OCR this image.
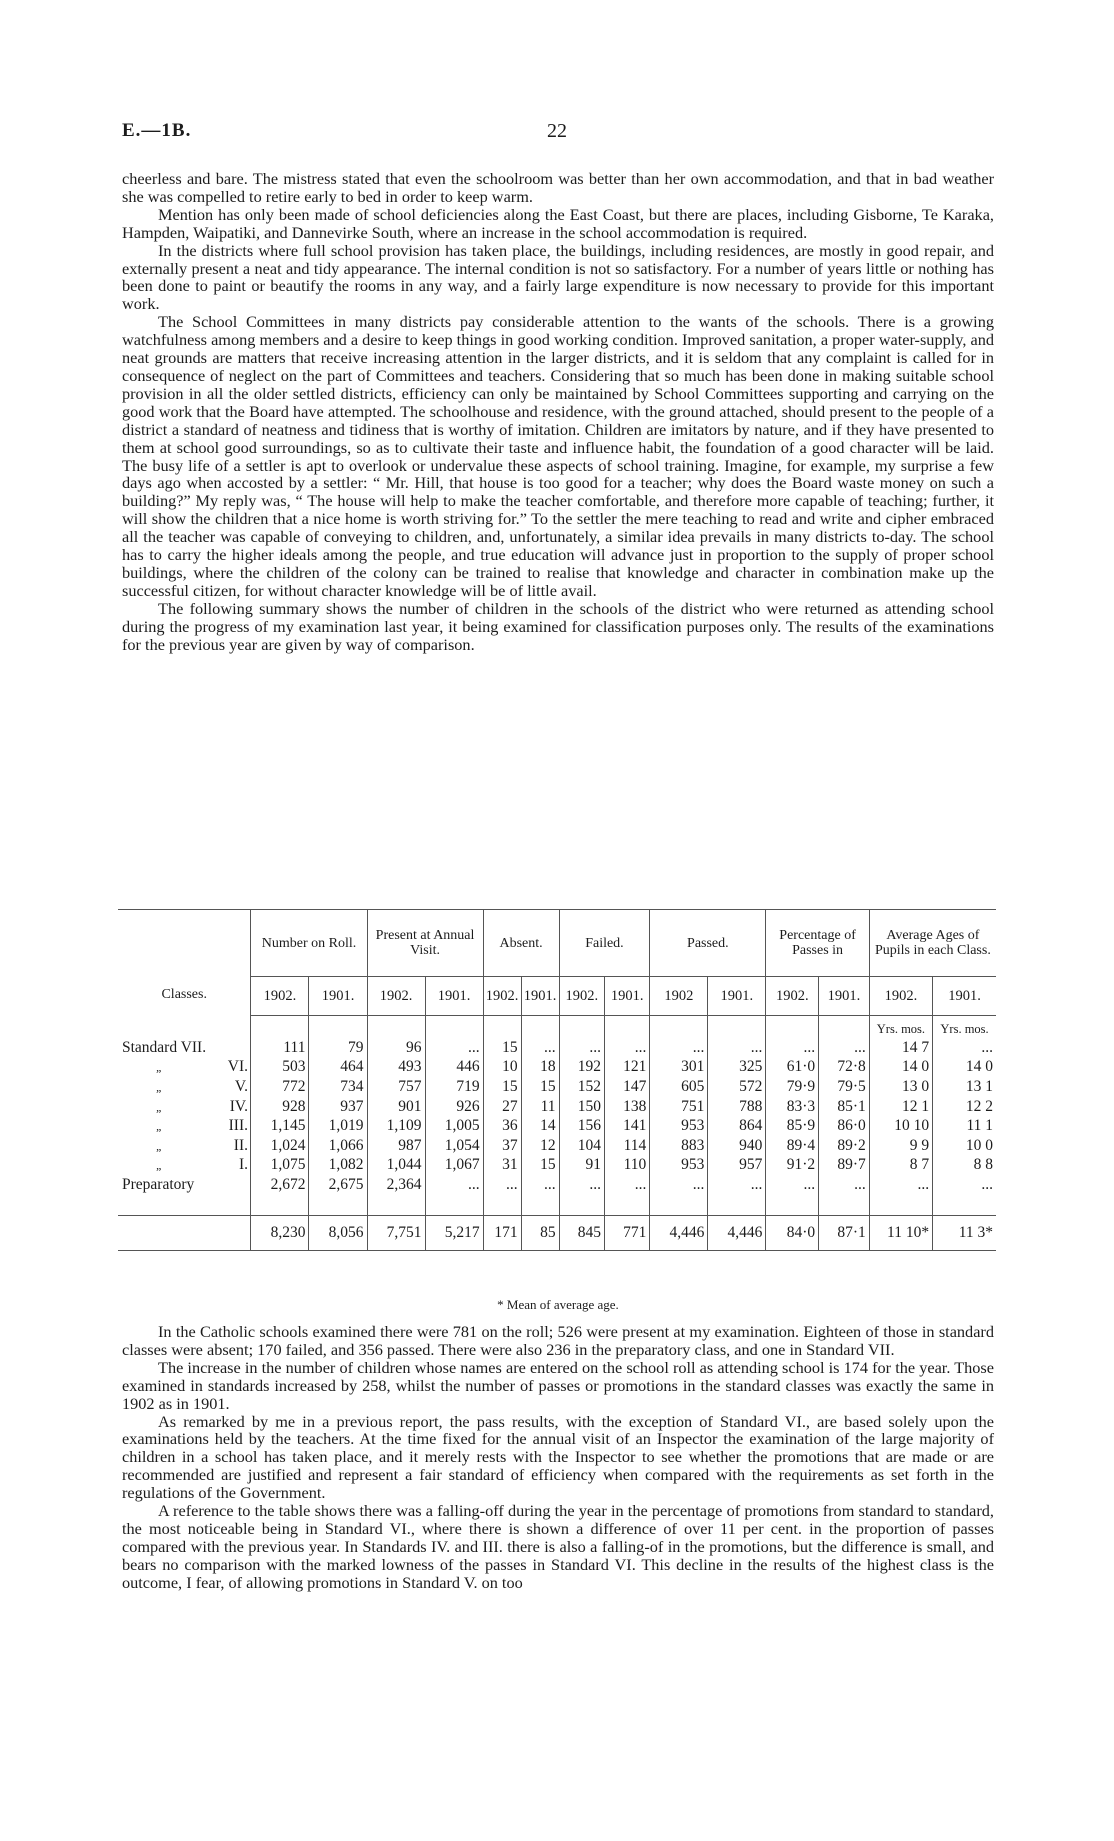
E.—1B.	22

cheerless and bare. The mistress stated that even the schoolroom was better than her own accommodation, and that in bad weather she was compelled to retire early to bed in order to keep warm.

Mention has only been made of school deficiencies along the East Coast, but there are places, including Gisborne, Te Karaka, Hampden, Waipatiki, and Dannevirke South, where an increase in the school accommodation is required.

In the districts where full school provision has taken place, the buildings, including residences, are mostly in good repair, and externally present a neat and tidy appearance. The internal condition is not so satisfactory. For a number of years little or nothing has been done to paint or beautify the rooms in any way, and a fairly large expenditure is now necessary to provide for this important work.

The School Committees in many districts pay considerable attention to the wants of the schools. There is a growing watchfulness among members and a desire to keep things in good working condition. Improved sanitation, a proper water-supply, and neat grounds are matters that receive increasing attention in the larger districts, and it is seldom that any complaint is called for in consequence of neglect on the part of Committees and teachers. Considering that so much has been done in making suitable school provision in all the older settled districts, efficiency can only be maintained by School Committees supporting and carrying on the good work that the Board have attempted. The schoolhouse and residence, with the ground attached, should present to the people of a district a standard of neatness and tidiness that is worthy of imitation. Children are imitators by nature, and if they have presented to them at school good surroundings, so as to cultivate their taste and influence habit, the foundation of a good character will be laid. The busy life of a settler is apt to overlook or undervalue these aspects of school training. Imagine, for example, my surprise a few days ago when accosted by a settler: “ Mr. Hill, that house is too good for a teacher; why does the Board waste money on such a building?” My reply was, “ The house will help to make the teacher comfortable, and therefore more capable of teaching; further, it will show the children that a nice home is worth striving for.” To the settler the mere teaching to read and write and cipher embraced all the teacher was capable of conveying to children, and, unfortunately, a similar idea prevails in many districts to-day. The school has to carry the higher ideals among the people, and true education will advance just in proportion to the supply of proper school buildings, where the children of the colony can be trained to realise that knowledge and character in combination make up the successful citizen, for without character knowledge will be of little avail.

The following summary shows the number of children in the schools of the district who were returned as attending school during the progress of my examination last year, it being examined for classification purposes only. The results of the examinations for the previous year are given by way of comparison.

Classes.	Number on Roll.		Present at Annual Visit.		Absent.		Failed.		Passed.		Percentage of Passes in		Average Ages of Pupils in each Class.	
	1902.	1901.	1902.	1901.	1902.	1901.	1902.	1901.	1902	1901.	1902.	1901.	1902.	1901.
													Yrs. mos.	Yrs. mos.
Standard VII.	111	79	96	...	15	...	...	...	...	...	...	...	14 7	...
„ VI.	503	464	493	446	10	18	192	121	301	325	61·0	72·8	14 0	14 0
„ V.	772	734	757	719	15	15	152	147	605	572	79·9	79·5	13 0	13 1
„ IV.	928	937	901	926	27	11	150	138	751	788	83·3	85·1	12 1	12 2
„ III.	1,145	1,019	1,109	1,005	36	14	156	141	953	864	85·9	86·0	10 10	11 1
„ II.	1,024	1,066	987	1,054	37	12	104	114	883	940	89·4	89·2	9 9	10 0
„ I.	1,075	1,082	1,044	1,067	31	15	91	110	953	957	91·2	89·7	8 7	8 8
Preparatory	2,672	2,675	2,364	...	...	...	...	...	...	...	...	...	...	...

	8,230	8,056	7,751	5,217	171	85	845	771	4,446	4,446	84·0	87·1	11 10*	11 3*
* Mean of average age.

In the Catholic schools examined there were 781 on the roll; 526 were present at my examination. Eighteen of those in standard classes were absent; 170 failed, and 356 passed. There were also 236 in the preparatory class, and one in Standard VII.

The increase in the number of children whose names are entered on the school roll as attending school is 174 for the year. Those examined in standards increased by 258, whilst the number of passes or promotions in the standard classes was exactly the same in 1902 as in 1901.

As remarked by me in a previous report, the pass results, with the exception of Standard VI., are based solely upon the examinations held by the teachers. At the time fixed for the annual visit of an Inspector the examination of the large majority of children in a school has taken place, and it merely rests with the Inspector to see whether the promotions that are made or are recommended are justified and represent a fair standard of efficiency when compared with the requirements as set forth in the regulations of the Government.

A reference to the table shows there was a falling-off during the year in the percentage of promotions from standard to standard, the most noticeable being in Standard VI., where there is shown a difference of over 11 per cent. in the proportion of passes compared with the previous year. In Standards IV. and III. there is also a falling-of in the promotions, but the difference is small, and bears no comparison with the marked lowness of the passes in Standard VI. This decline in the results of the highest class is the outcome, I fear, of allowing promotions in Standard V. on too
